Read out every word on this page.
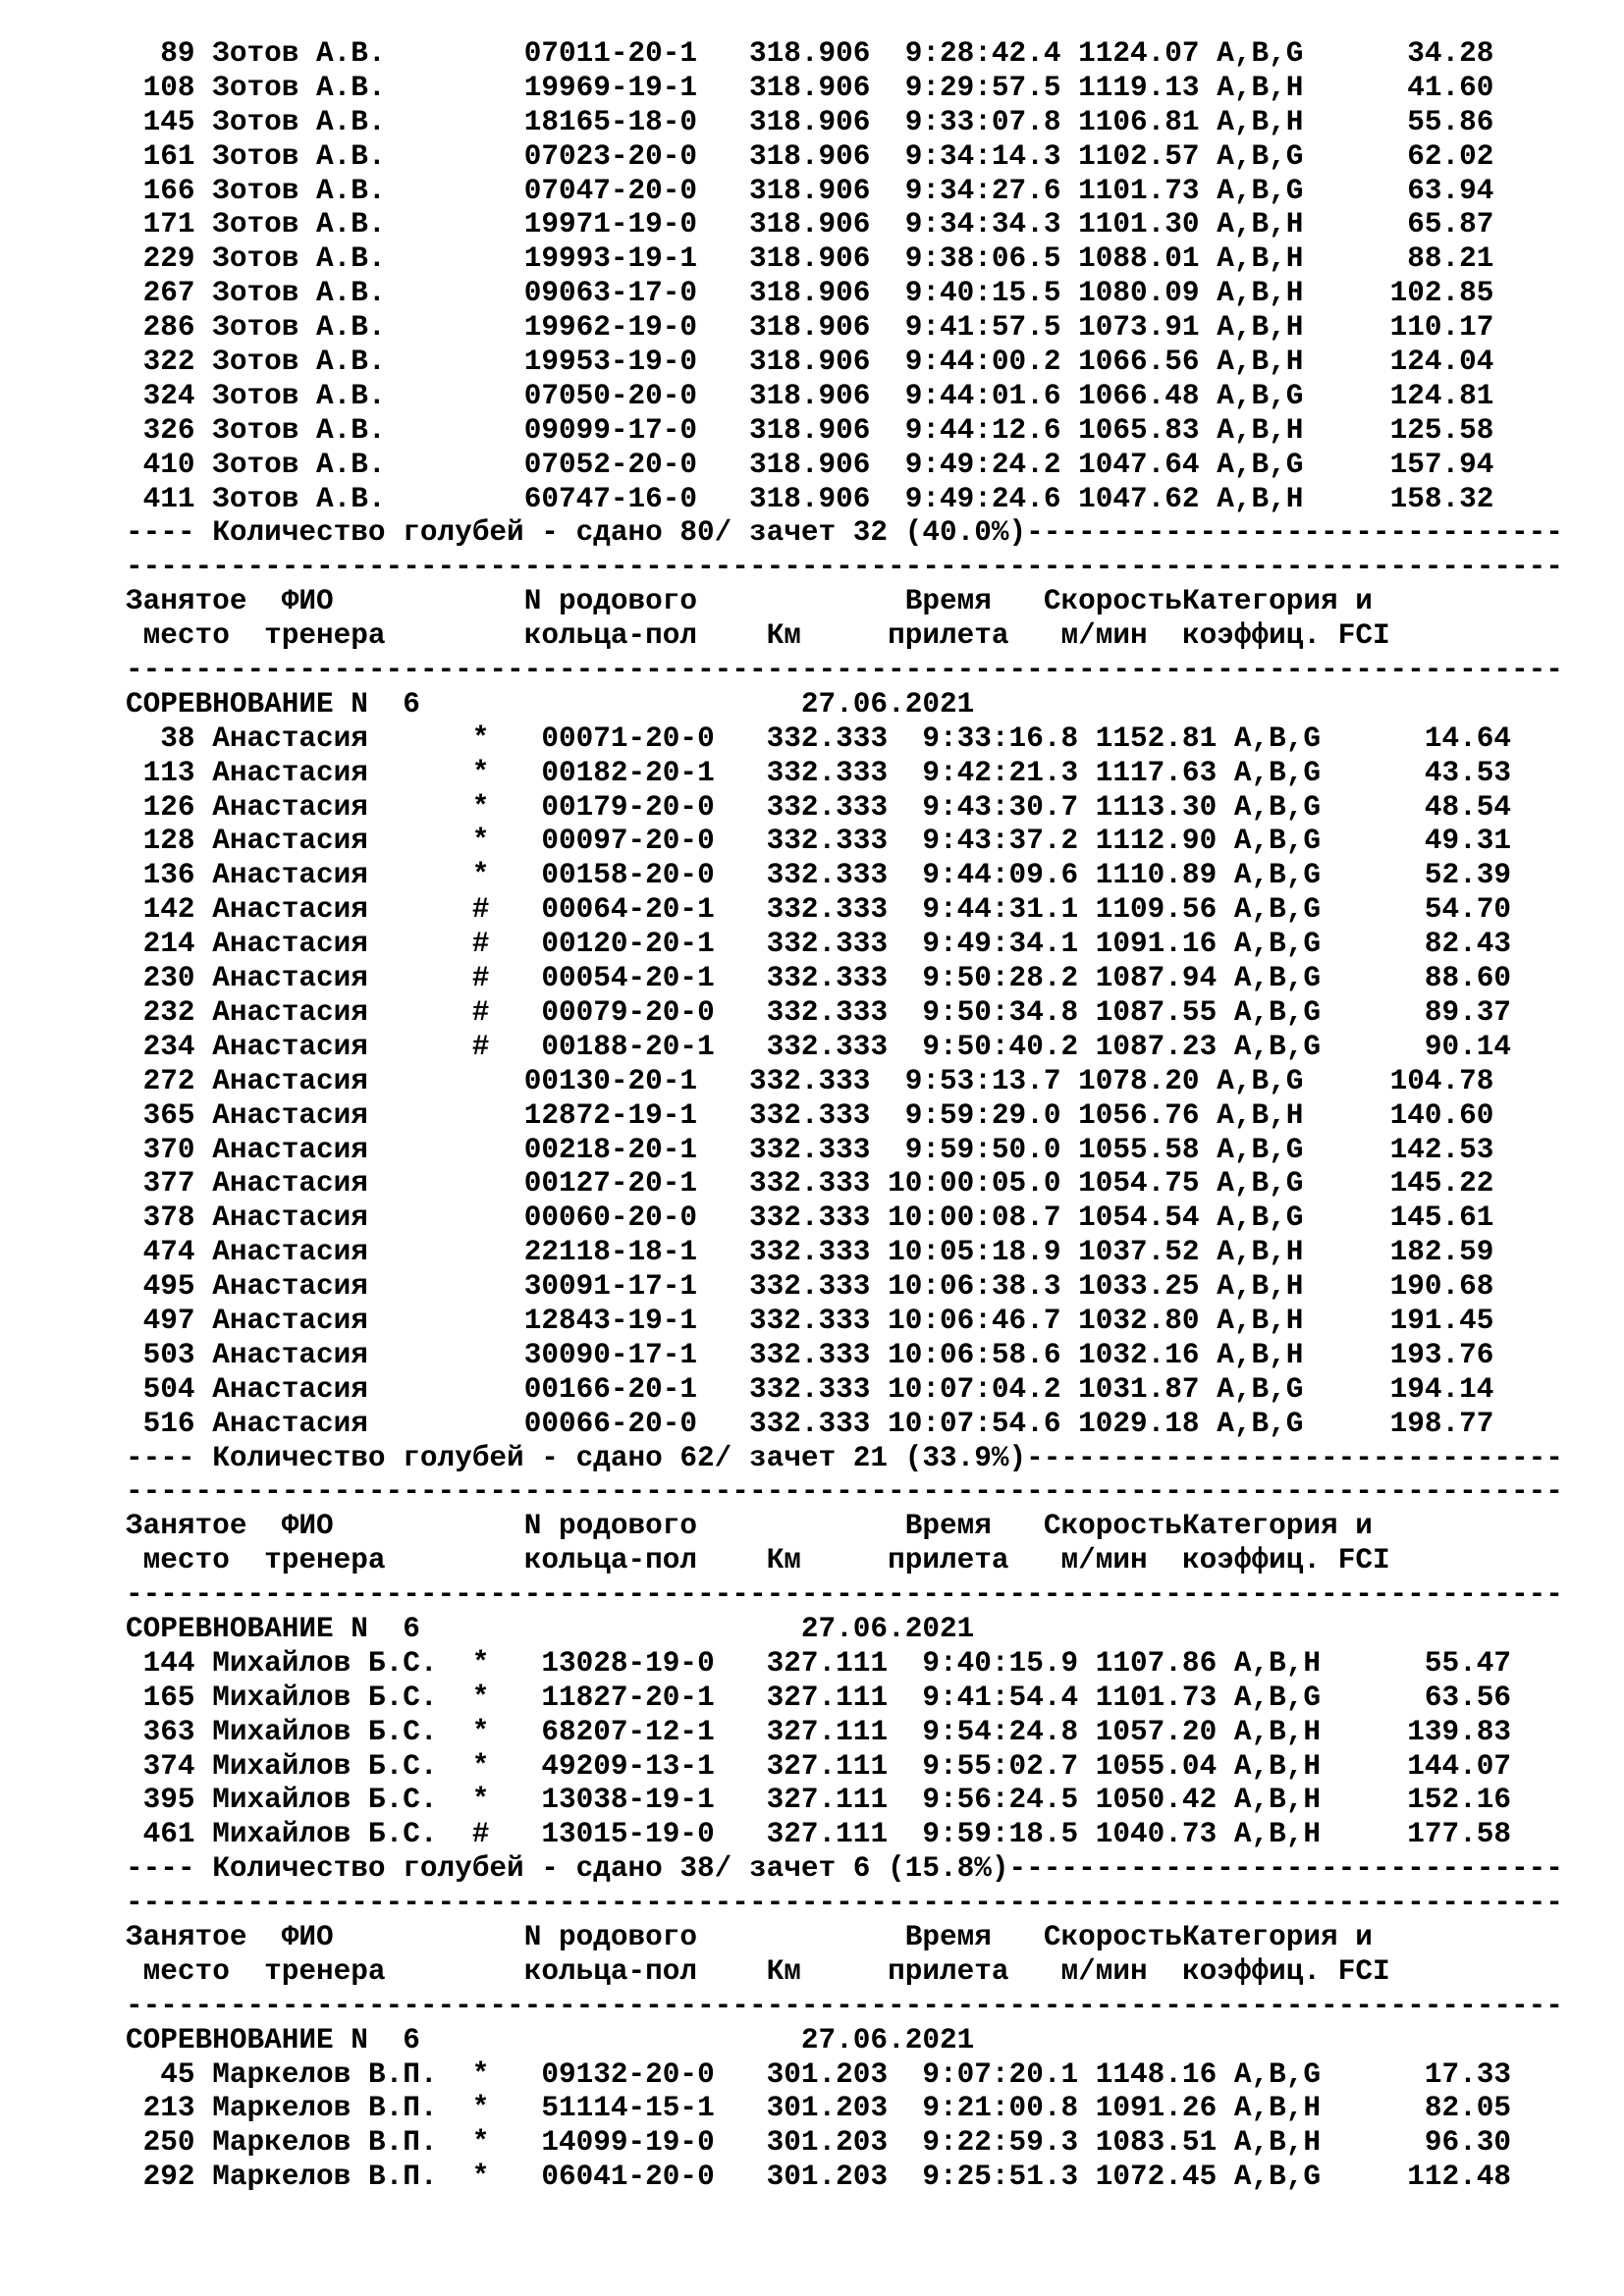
89 Зотов А.В.        07011-20-1 318.906  9:28:42.4 1124.07 A,B,G      34.28
108 Зотов А.В.        19969-19-1 318.906  9:29:57.5 1119.13 A,B,H      41.60
145 Зотов А.В.        18165-18-0 318.906  9:33:07.8 1106.81 A,B,H      55.86
161 Зотов А.В.        07023-20-0 318.906  9:34:14.3 1102.57 A,B,G      62.02
166 Зотов А.В.        07047-20-0 318.906  9:34:27.6 1101.73 A,B,G      63.94
171 Зотов А.В.        19971-19-0 318.906  9:34:34.3 1101.30 A,B,H      65.87
229 Зотов А.В.        19993-19-1 318.906  9:38:06.5 1088.01 A,B,H      88.21
267 Зотов А.В.        09063-17-0 318.906  9:40:15.5 1080.09 A,B,H     102.85
286 Зотов А.В.        19962-19-0 318.906  9:41:57.5 1073.91 A,B,H     110.17
322 Зотов А.В.        19953-19-0 318.906  9:44:00.2 1066.56 A,B,H     124.04
324 Зотов А.В.        07050-20-0 318.906  9:44:01.6 1066.48 A,B,G     124.81
326 Зотов А.В.        09099-17-0 318.906  9:44:12.6 1065.83 A,B,H     125.58
410 Зотов А.В.        07052-20-0 318.906  9:49:24.2 1047.64 A,B,G     157.94
411 Зотов А.В.        60747-16-0 318.906  9:49:24.6 1047.62 A,B,H     158.32
---- Количество голубей - сдано 80/ зачет 32 (40.0%)-------------------------------
-----------------------------------------------------------------------------------
Занятое ФИО	N родового	Время СкоростьКатегория и
место тренера	кольца-пол Км	прилета м/мин коэффиц. FCI
-----------------------------------------------------------------------------------
СОРЕВНОВАНИЕ N 6	27.06.2021
38 Анастасия      * 00071-20-0 332.333  9:33:16.8 1152.81 A,B,G      14.64
113 Анастасия      * 00182-20-1 332.333  9:42:21.3 1117.63 A,B,G      43.53
126 Анастасия      * 00179-20-0 332.333  9:43:30.7 1113.30 A,B,G      48.54
128 Анастасия      * 00097-20-0 332.333  9:43:37.2 1112.90 A,B,G      49.31
136 Анастасия      * 00158-20-0 332.333  9:44:09.6 1110.89 A,B,G      52.39
142 Анастасия      # 00064-20-1 332.333  9:44:31.1 1109.56 A,B,G      54.70
214 Анастасия      # 00120-20-1 332.333  9:49:34.1 1091.16 A,B,G      82.43
230 Анастасия      # 00054-20-1 332.333  9:50:28.2 1087.94 A,B,G      88.60
232 Анастасия      # 00079-20-0 332.333  9:50:34.8 1087.55 A,B,G      89.37
234 Анастасия      # 00188-20-1 332.333  9:50:40.2 1087.23 A,B,G      90.14
272 Анастасия         00130-20-1 332.333  9:53:13.7 1078.20 A,B,G     104.78
365 Анастасия         12872-19-1 332.333  9:59:29.0 1056.76 A,B,H     140.60
370 Анастасия         00218-20-1 332.333  9:59:50.0 1055.58 A,B,G     142.53
377 Анастасия         00127-20-1 332.333 10:00:05.0 1054.75 A,B,G     145.22
378 Анастасия         00060-20-0 332.333 10:00:08.7 1054.54 A,B,G     145.61
474 Анастасия         22118-18-1 332.333 10:05:18.9 1037.52 A,B,H     182.59
495 Анастасия         30091-17-1 332.333 10:06:38.3 1033.25 A,B,H     190.68
497 Анастасия         12843-19-1 332.333 10:06:46.7 1032.80 A,B,H     191.45
503 Анастасия         30090-17-1 332.333 10:06:58.6 1032.16 A,B,H     193.76
504 Анастасия         00166-20-1 332.333 10:07:04.2 1031.87 A,B,G     194.14
516 Анастасия         00066-20-0 332.333 10:07:54.6 1029.18 A,B,G     198.77
---- Количество голубей - сдано 62/ зачет 21 (33.9%)-------------------------------
-----------------------------------------------------------------------------------
Занятое ФИО	N родового	Время СкоростьКатегория и
место тренера	кольца-пол Км	прилета м/мин коэффиц. FCI
-----------------------------------------------------------------------------------
СОРЕВНОВАНИЕ N 6	27.06.2021
144 Михайлов Б.С.  * 13028-19-0 327.111  9:40:15.9 1107.86 A,B,H      55.47
165 Михайлов Б.С.  * 11827-20-1 327.111  9:41:54.4 1101.73 A,B,G      63.56
363 Михайлов Б.С.  * 68207-12-1 327.111  9:54:24.8 1057.20 A,B,H     139.83
374 Михайлов Б.С.  * 49209-13-1 327.111  9:55:02.7 1055.04 A,B,H     144.07
395 Михайлов Б.С.  * 13038-19-1 327.111  9:56:24.5 1050.42 A,B,H     152.16
461 Михайлов Б.С.  # 13015-19-0 327.111  9:59:18.5 1040.73 A,B,H     177.58
---- Количество голубей - сдано 38/ зачет 6 (15.8%)--------------------------------
-----------------------------------------------------------------------------------
Занятое ФИО	N родового	Время СкоростьКатегория и
место тренера	кольца-пол Км	прилета м/мин коэффиц. FCI
-----------------------------------------------------------------------------------
СОРЕВНОВАНИЕ N 6	27.06.2021
45 Маркелов В.П.  * 09132-20-0 301.203  9:07:20.1 1148.16 A,B,G      17.33
213 Маркелов В.П.  * 51114-15-1 301.203  9:21:00.8 1091.26 A,B,H      82.05
250 Маркелов В.П.  * 14099-19-0 301.203  9:22:59.3 1083.51 A,B,H      96.30
292 Маркелов В.П.  * 06041-20-0 301.203  9:25:51.3 1072.45 A,B,G     112.48
